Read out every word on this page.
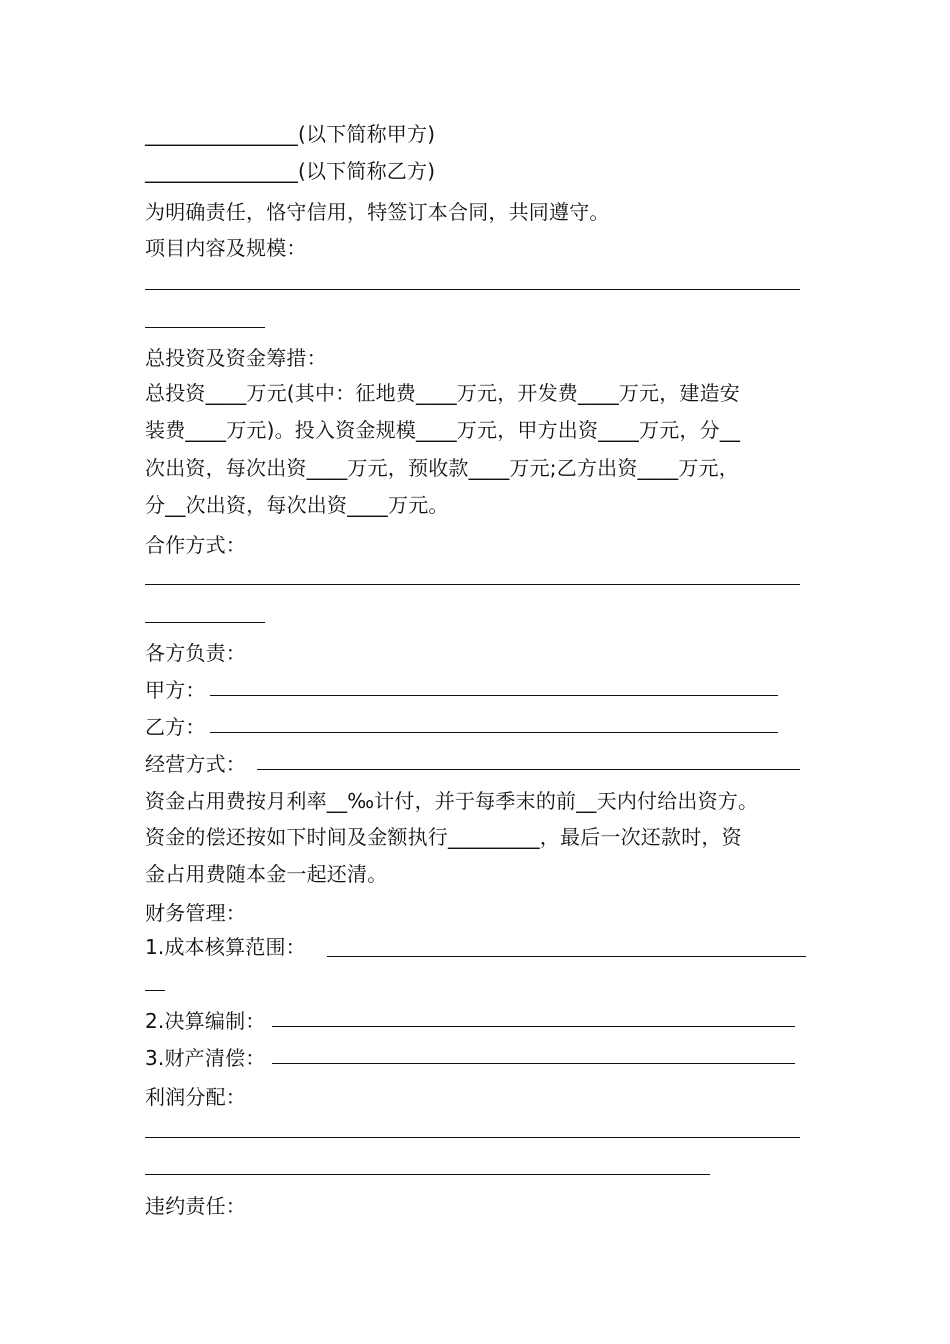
_______________(以下简称甲方)
_______________(以下简称乙方)
为明确责任，恪守信用，特签订本合同，共同遵守。
项目内容及规模：
总投资及资金筹措：
总投资____万元(其中：征地费____万元，开发费____万元，建造安
装费____万元)。投入资金规模____万元，甲方出资____万元，分__
次出资，每次出资____万元，预收款____万元;乙方出资____万元，
分__次出资，每次出资____万元。
合作方式：
各方负责：
甲方：
乙方：
经营方式：
资金占用费按月利率__‰计付，并于每季末的前__天内付给出资方。
资金的偿还按如下时间及金额执行_________，最后一次还款时，资
金占用费随本金一起还清。
财务管理：
1.成本核算范围：
2.决算编制：
3.财产清偿：
利润分配：
违约责任：
